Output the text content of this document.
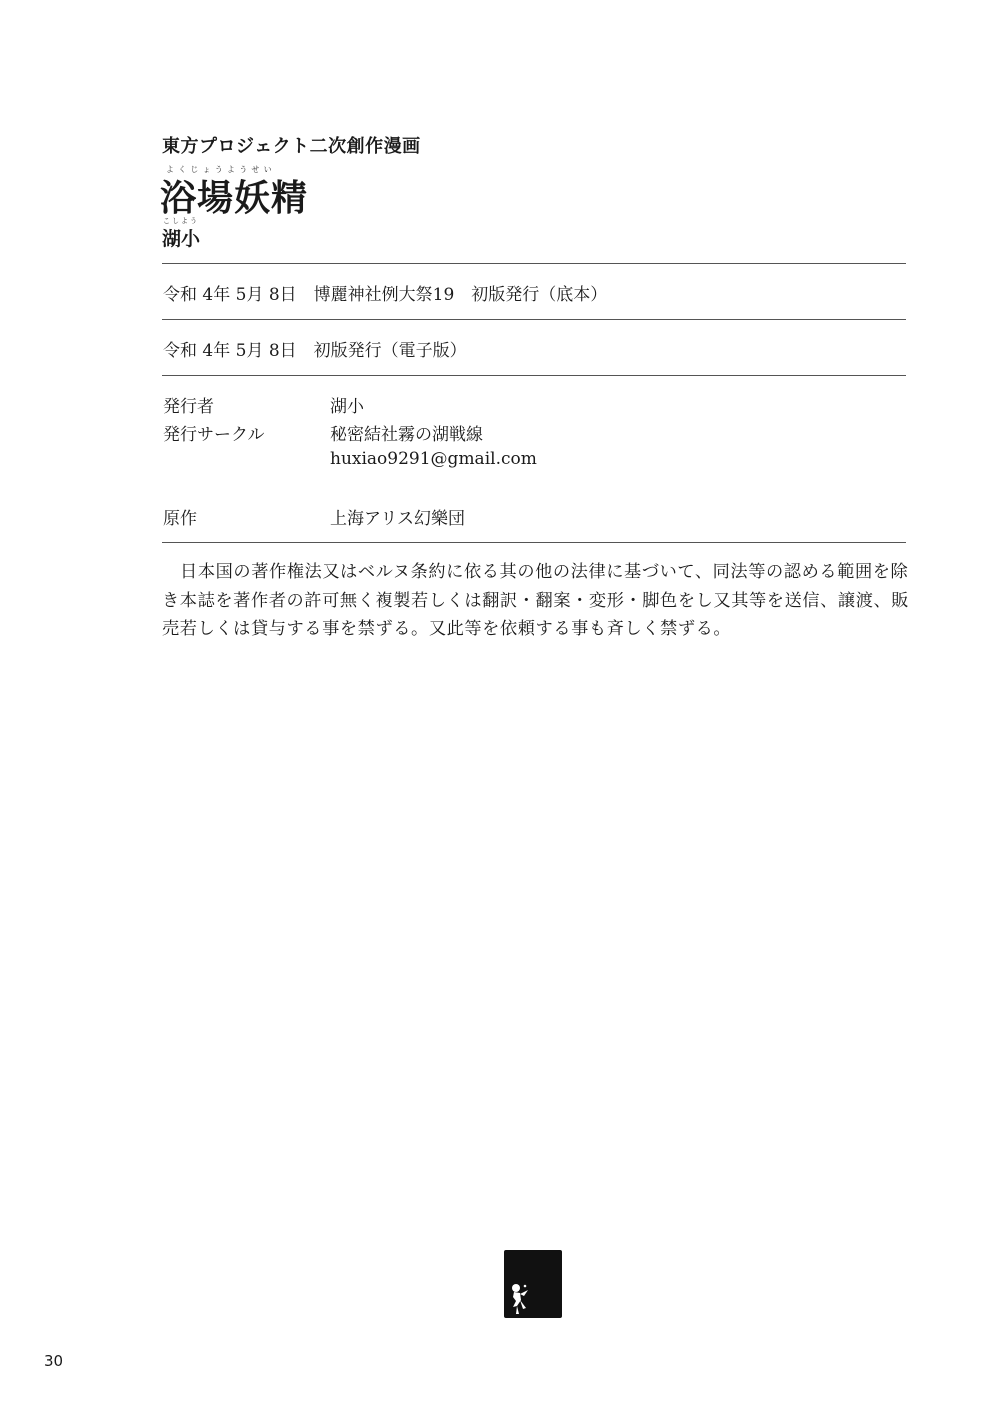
東方プロジェクト二次創作漫画
よくじょうようせい
浴場妖精
こしよう
湖小
令和 4年 5月 8日　博麗神社例大祭19　初版発行（底本）
令和 4年 5月 8日　初版発行（電子版）
発行者	湖小
発行サークル	秘密結社霧の湖戦線
huxiao9291@gmail.com
原作	上海アリス幻樂団
日本国の著作権法又はベルヌ条約に依る其の他の法律に基づいて、同法等の認める範囲を除き本誌を著作者の許可無く複製若しくは翻訳・翻案・変形・脚色をし又其等を送信、譲渡、販売若しくは貸与する事を禁ずる。又此等を依頼する事も斉しく禁ずる。
30
